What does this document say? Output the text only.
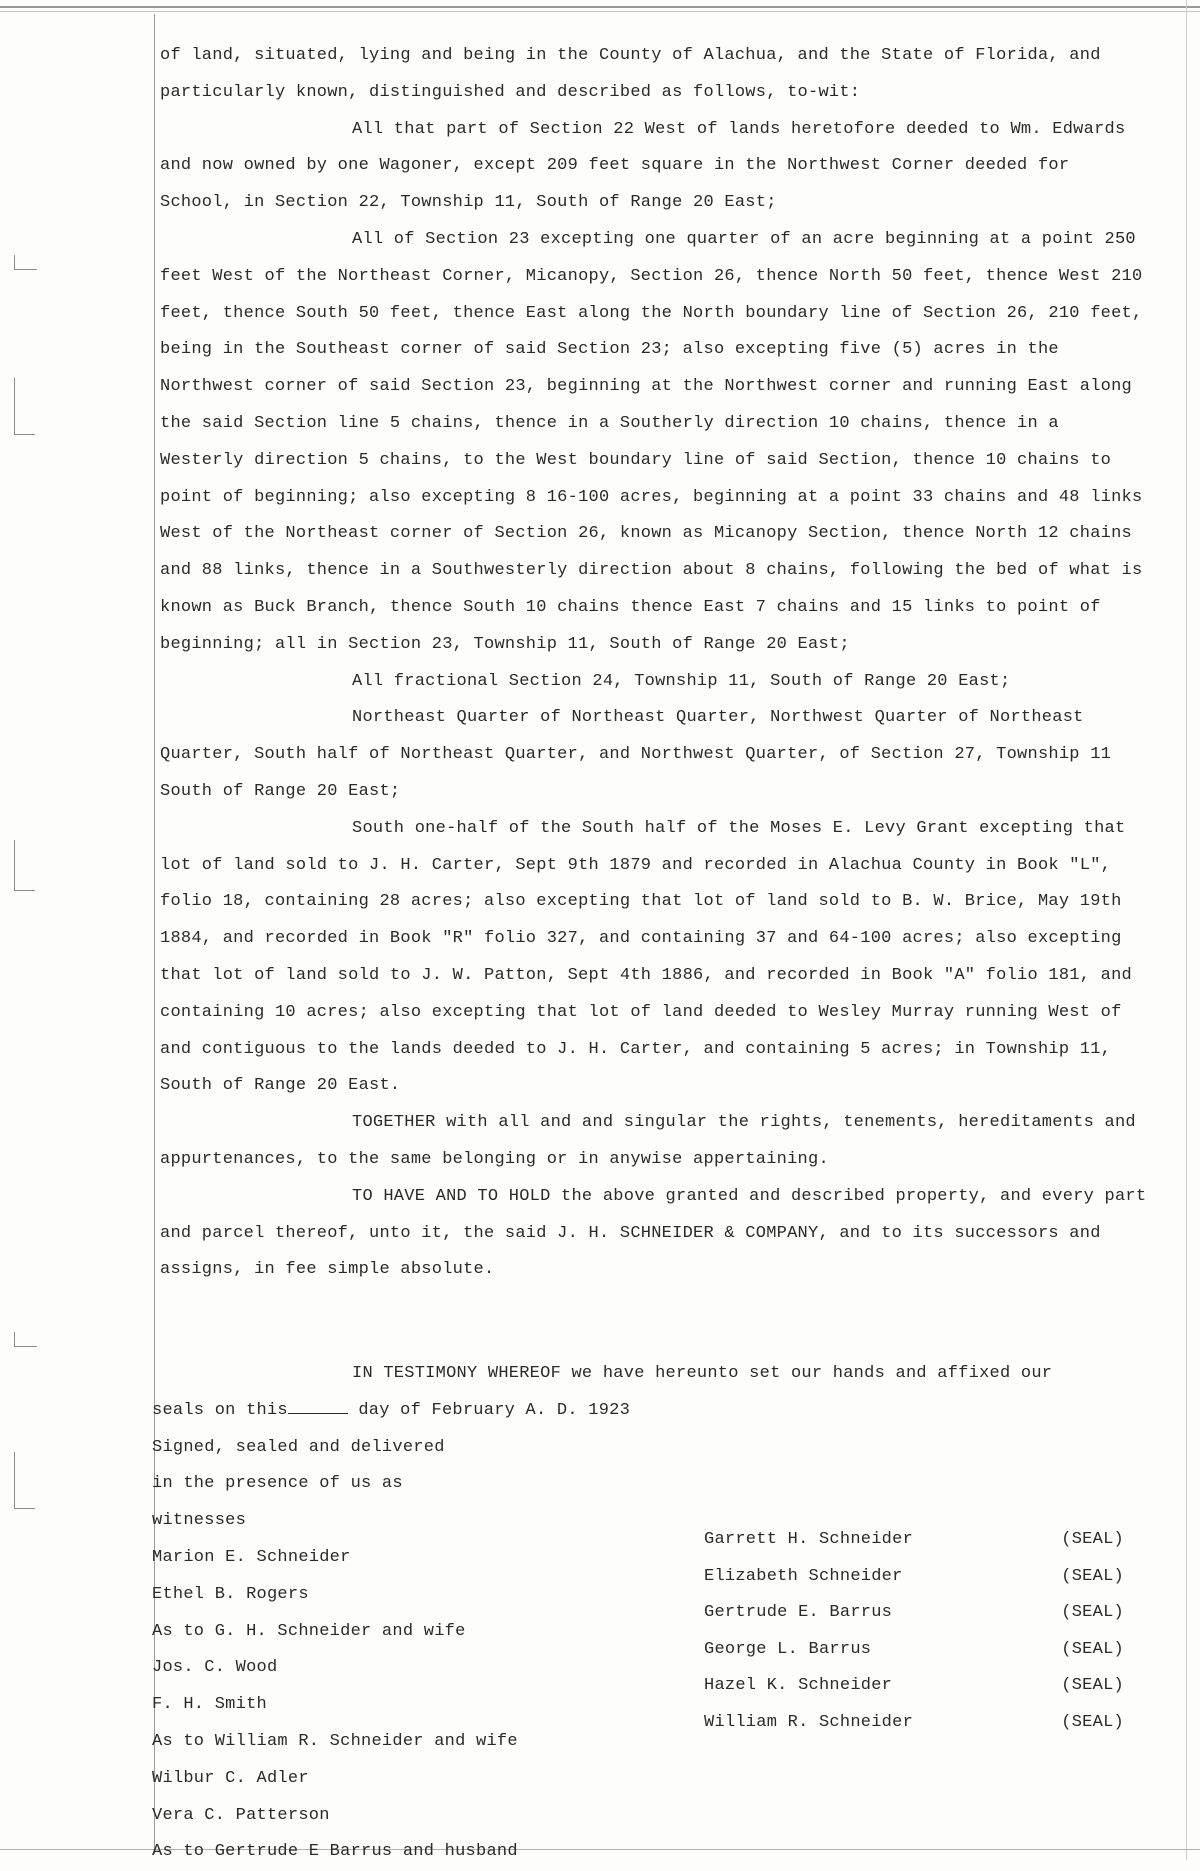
of land, situated, lying and being in the County of Alachua, and the State of Florida, and particularly known, distinguished and described as follows, to-wit:

All that part of Section 22 West of lands heretofore deeded to Wm. Edwards and now owned by one Wagoner, except 209 feet square in the Northwest Corner deeded for School, in Section 22, Township 11, South of Range 20 East;

All of Section 23 excepting one quarter of an acre beginning at a point 250 feet West of the Northeast Corner, Micanopy, Section 26, thence North 50 feet, thence West 210 feet, thence South 50 feet, thence East along the North boundary line of Section 26, 210 feet, being in the Southeast corner of said Section 23; also excepting five (5) acres in the Northwest corner of said Section 23, beginning at the Northwest corner and running East along the said Section line 5 chains, thence in a Southerly direction 10 chains, thence in a Westerly direction 5 chains, to the West boundary line of said Section, thence 10 chains to point of beginning; also excepting 8 16-100 acres, beginning at a point 33 chains and 48 links West of the Northeast corner of Section 26, known as Micanopy Section, thence North 12 chains and 88 links, thence in a Southwesterly direction about 8 chains, following the bed of what is known as Buck Branch, thence South 10 chains thence East 7 chains and 15 links to point of beginning; all in Section 23, Township 11, South of Range 20 East;

All fractional Section 24, Township 11, South of Range 20 East;

Northeast Quarter of Northeast Quarter, Northwest Quarter of Northeast Quarter, South half of Northeast Quarter, and Northwest Quarter, of Section 27, Township 11 South of Range 20 East;

South one-half of the South half of the Moses E. Levy Grant excepting that lot of land sold to J. H. Carter, Sept 9th 1879 and recorded in Alachua County in Book "L", folio 18, containing 28 acres; also excepting that lot of land sold to B. W. Brice, May 19th 1884, and recorded in Book "R" folio 327, and containing 37 and 64-100 acres; also excepting that lot of land sold to J. W. Patton, Sept 4th 1886, and recorded in Book "A" folio 181, and containing 10 acres; also excepting that lot of land deeded to Wesley Murray running West of and contiguous to the lands deeded to J. H. Carter, and containing 5 acres; in Township 11, South of Range 20 East.

TOGETHER with all and and singular the rights, tenements, hereditaments and appurtenances, to the same belonging or in anywise appertaining.

TO HAVE AND TO HOLD the above granted and described property, and every part and parcel thereof, unto it, the said J. H. SCHNEIDER & COMPANY, and to its successors and assigns, in fee simple absolute.

IN TESTIMONY WHEREOF we have hereunto set our hands and affixed our

seals on this	day of February A. D. 1923

Signed, sealed and delivered

in the presence of us as

witnesses

Marion E. Schneider
Ethel B. Rogers
As to G. H. Schneider and wife
Jos. C. Wood
F. H. Smith
As to William R. Schneider and wife
Wilbur C. Adler
Vera C. Patterson
As to Gertrude E Barrus and husband
Garrett H. Schneider	(SEAL)
Elizabeth Schneider	(SEAL)
Gertrude E. Barrus	(SEAL)
George L. Barrus	(SEAL)
Hazel K. Schneider	(SEAL)
William R. Schneider	(SEAL)
